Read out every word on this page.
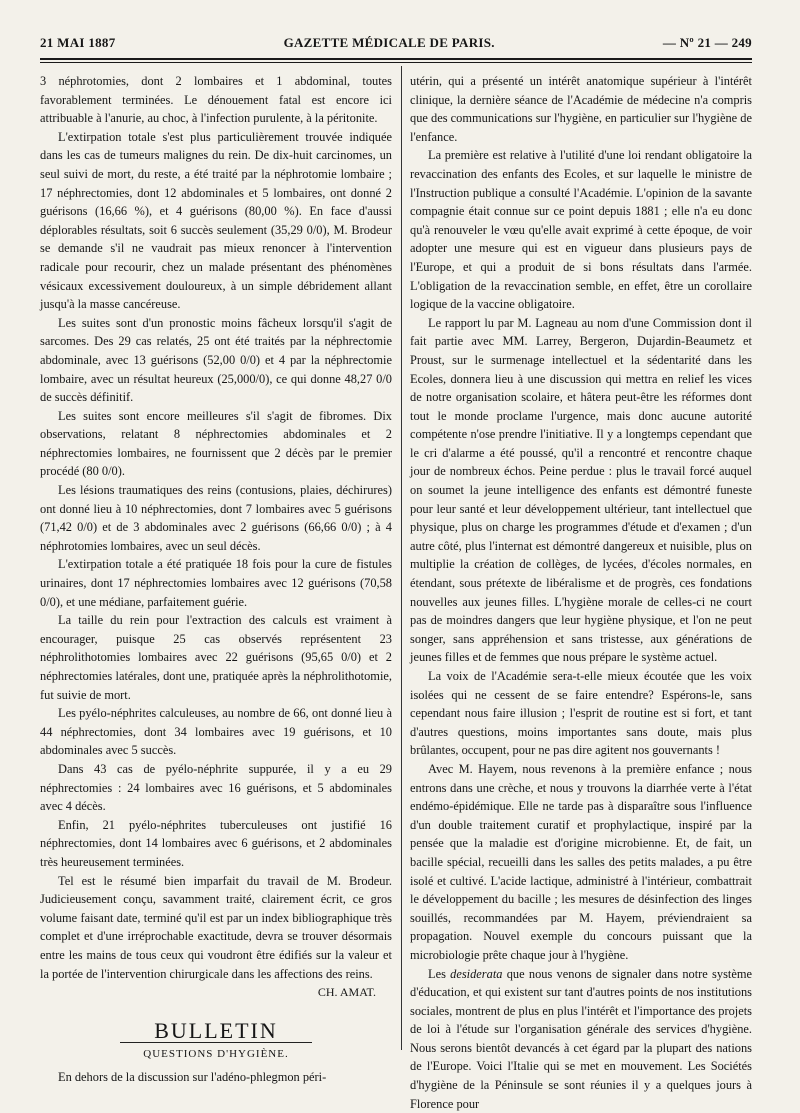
21 MAI 1887	GAZETTE MÉDICALE DE PARIS.	— Nº 21 — 249

3 néphrotomies, dont 2 lombaires et 1 abdominal, toutes favorablement terminées. Le dénouement fatal est encore ici attribuable à l'anurie, au choc, à l'infection purulente, à la péritonite.

L'extirpation totale s'est plus particulièrement trouvée indiquée dans les cas de tumeurs malignes du rein. De dix-huit carcinomes, un seul suivi de mort, du reste, a été traité par la néphrotomie lombaire ; 17 néphrectomies, dont 12 abdominales et 5 lombaires, ont donné 2 guérisons (16,66 %), et 4 guérisons (80,00 %). En face d'aussi déplorables résultats, soit 6 succès seulement (35,29 0/0), M. Brodeur se demande s'il ne vaudrait pas mieux renoncer à l'intervention radicale pour recourir, chez un malade présentant des phénomènes vésicaux excessivement douloureux, à un simple débridement allant jusqu'à la masse cancéreuse.

Les suites sont d'un pronostic moins fâcheux lorsqu'il s'agit de sarcomes. Des 29 cas relatés, 25 ont été traités par la néphrectomie abdominale, avec 13 guérisons (52,00 0/0) et 4 par la néphrectomie lombaire, avec un résultat heureux (25,000/0), ce qui donne 48,27 0/0 de succès définitif.

Les suites sont encore meilleures s'il s'agit de fibromes. Dix observations, relatant 8 néphrectomies abdominales et 2 néphrectomies lombaires, ne fournissent que 2 décès par le premier procédé (80 0/0).

Les lésions traumatiques des reins (contusions, plaies, déchirures) ont donné lieu à 10 néphrectomies, dont 7 lombaires avec 5 guérisons (71,42 0/0) et de 3 abdominales avec 2 guérisons (66,66 0/0) ; à 4 néphrotomies lombaires, avec un seul décès.

L'extirpation totale a été pratiquée 18 fois pour la cure de fistules urinaires, dont 17 néphrectomies lombaires avec 12 guérisons (70,58 0/0), et une médiane, parfaitement guérie.

La taille du rein pour l'extraction des calculs est vraiment à encourager, puisque 25 cas observés représentent 23 néphrolithotomies lombaires avec 22 guérisons (95,65 0/0) et 2 néphrectomies latérales, dont une, pratiquée après la néphrolithotomie, fut suivie de mort.

Les pyélo-néphrites calculeuses, au nombre de 66, ont donné lieu à 44 néphrectomies, dont 34 lombaires avec 19 guérisons, et 10 abdominales avec 5 succès.

Dans 43 cas de pyélo-néphrite suppurée, il y a eu 29 néphrectomies : 24 lombaires avec 16 guérisons, et 5 abdominales avec 4 décès.

Enfin, 21 pyélo-néphrites tuberculeuses ont justifié 16 néphrectomies, dont 14 lombaires avec 6 guérisons, et 2 abdominales très heureusement terminées.

Tel est le résumé bien imparfait du travail de M. Brodeur. Judicieusement conçu, savamment traité, clairement écrit, ce gros volume faisant date, terminé qu'il est par un index bibliographique très complet et d'une irréprochable exactitude, devra se trouver désormais entre les mains de tous ceux qui voudront être édifiés sur la valeur et la portée de l'intervention chirurgicale dans les affections des reins.

CH. AMAT.
BULLETIN
QUESTIONS D'HYGIÈNE.

En dehors de la discussion sur l'adéno-phlegmon péri-

utérin, qui a présenté un intérêt anatomique supérieur à l'intérêt clinique, la dernière séance de l'Académie de médecine n'a compris que des communications sur l'hygiène, en particulier sur l'hygiène de l'enfance.

La première est relative à l'utilité d'une loi rendant obligatoire la revaccination des enfants des Ecoles, et sur laquelle le ministre de l'Instruction publique a consulté l'Académie. L'opinion de la savante compagnie était connue sur ce point depuis 1881 ; elle n'a eu donc qu'à renouveler le vœu qu'elle avait exprimé à cette époque, de voir adopter une mesure qui est en vigueur dans plusieurs pays de l'Europe, et qui a produit de si bons résultats dans l'armée. L'obligation de la revaccination semble, en effet, être un corollaire logique de la vaccine obligatoire.

Le rapport lu par M. Lagneau au nom d'une Commission dont il fait partie avec MM. Larrey, Bergeron, Dujardin-Beaumetz et Proust, sur le surmenage intellectuel et la sédentarité dans les Ecoles, donnera lieu à une discussion qui mettra en relief les vices de notre organisation scolaire, et hâtera peut-être les réformes dont tout le monde proclame l'urgence, mais donc aucune autorité compétente n'ose prendre l'initiative. Il y a longtemps cependant que le cri d'alarme a été poussé, qu'il a rencontré et rencontre chaque jour de nombreux échos. Peine perdue : plus le travail forcé auquel on soumet la jeune intelligence des enfants est démontré funeste pour leur santé et leur développement ultérieur, tant intellectuel que physique, plus on charge les programmes d'étude et d'examen ; d'un autre côté, plus l'internat est démontré dangereux et nuisible, plus on multiplie la création de collèges, de lycées, d'écoles normales, en étendant, sous prétexte de libéralisme et de progrès, ces fondations nouvelles aux jeunes filles. L'hygiène morale de celles-ci ne court pas de moindres dangers que leur hygiène physique, et l'on ne peut songer, sans appréhension et sans tristesse, aux générations de jeunes filles et de femmes que nous prépare le système actuel.

La voix de l'Académie sera-t-elle mieux écoutée que les voix isolées qui ne cessent de se faire entendre? Espérons-le, sans cependant nous faire illusion ; l'esprit de routine est si fort, et tant d'autres questions, moins importantes sans doute, mais plus brûlantes, occupent, pour ne pas dire agitent nos gouvernants !

Avec M. Hayem, nous revenons à la première enfance ; nous entrons dans une crèche, et nous y trouvons la diarrhée verte à l'état endémo-épidémique. Elle ne tarde pas à disparaître sous l'influence d'un double traitement curatif et prophylactique, inspiré par la pensée que la maladie est d'origine microbienne. Et, de fait, un bacille spécial, recueilli dans les salles des petits malades, a pu être isolé et cultivé. L'acide lactique, administré à l'intérieur, combattrait le développement du bacille ; les mesures de désinfection des linges souillés, recommandées par M. Hayem, préviendraient sa propagation. Nouvel exemple du concours puissant que la microbiologie prête chaque jour à l'hygiène.

Les desiderata que nous venons de signaler dans notre système d'éducation, et qui existent sur tant d'autres points de nos institutions sociales, montrent de plus en plus l'intérêt et l'importance des projets de loi à l'étude sur l'organisation générale des services d'hygiène. Nous serons bientôt devancés à cet égard par la plupart des nations de l'Europe. Voici l'Italie qui se met en mouvement. Les Sociétés d'hygiène de la Péninsule se sont réunies il y a quelques jours à Florence pour
